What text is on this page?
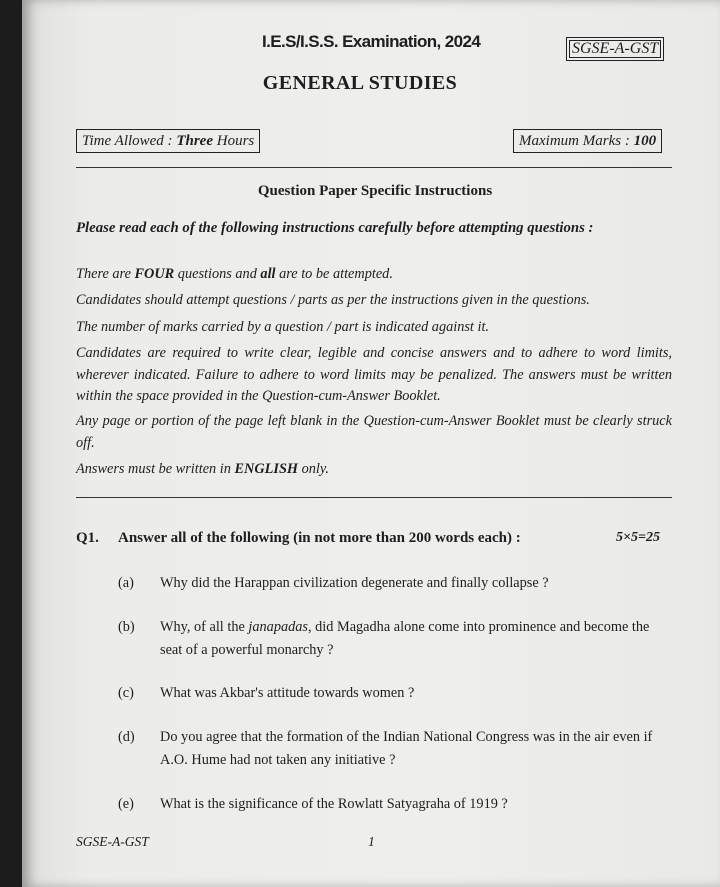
I.E.S/I.S.S. Examination, 2024	SGSE-A-GST
GENERAL STUDIES
Time Allowed : Three Hours	Maximum Marks : 100
Question Paper Specific Instructions
Please read each of the following instructions carefully before attempting questions :
There are FOUR questions and all are to be attempted.
Candidates should attempt questions / parts as per the instructions given in the questions.
The number of marks carried by a question / part is indicated against it.
Candidates are required to write clear, legible and concise answers and to adhere to word limits, wherever indicated. Failure to adhere to word limits may be penalized. The answers must be written within the space provided in the Question-cum-Answer Booklet.
Any page or portion of the page left blank in the Question-cum-Answer Booklet must be clearly struck off.
Answers must be written in ENGLISH only.
Q1. Answer all of the following (in not more than 200 words each) :	5×5=25
(a) Why did the Harappan civilization degenerate and finally collapse ?
(b) Why, of all the janapadas, did Magadha alone come into prominence and become the seat of a powerful monarchy ?
(c) What was Akbar's attitude towards women ?
(d) Do you agree that the formation of the Indian National Congress was in the air even if A.O. Hume had not taken any initiative ?
(e) What is the significance of the Rowlatt Satyagraha of 1919 ?
SGSE-A-GST	1
